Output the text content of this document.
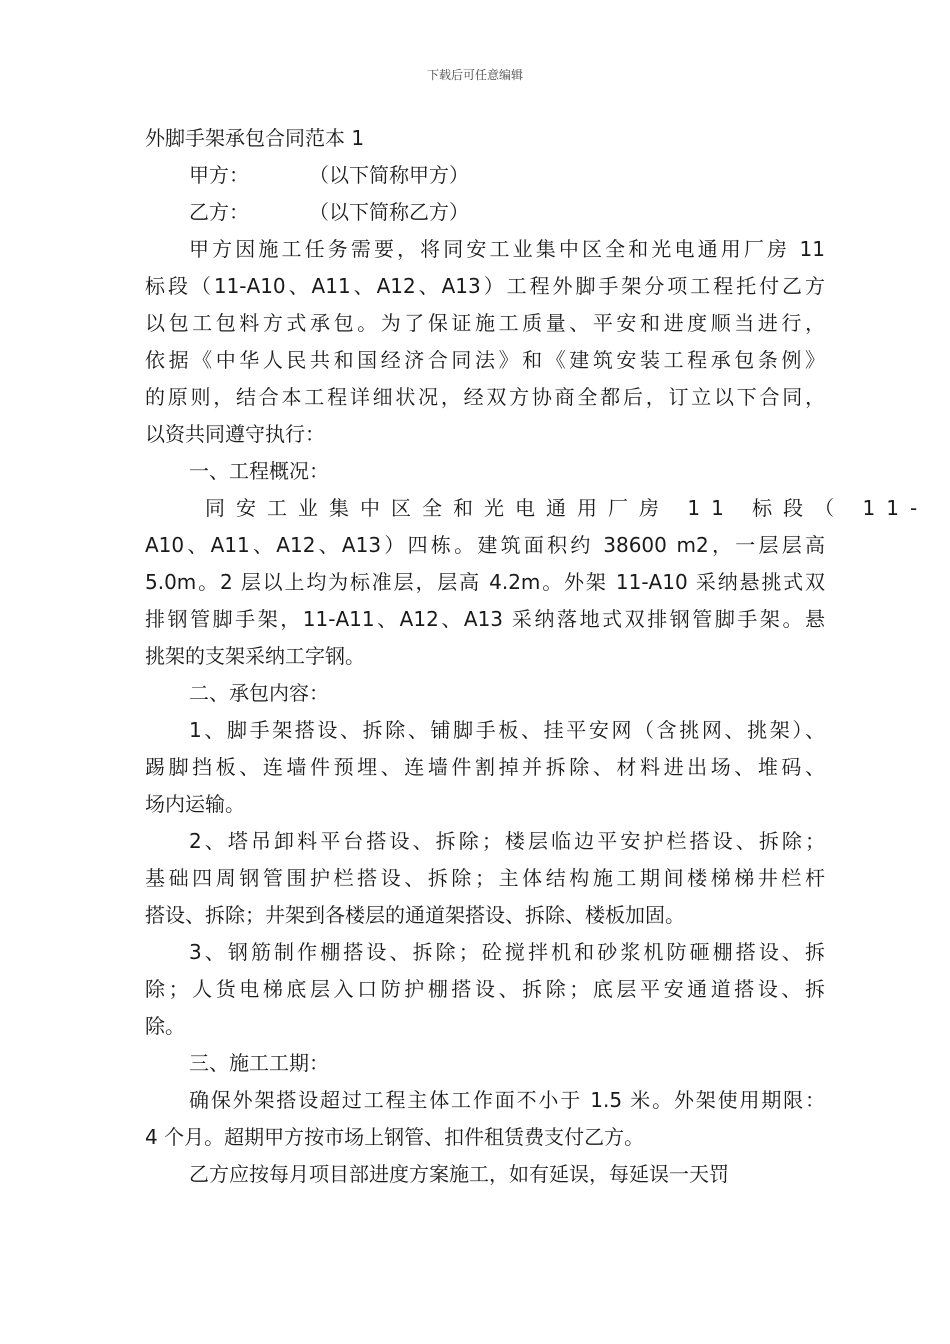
下载后可任意编辑
外脚手架承包合同范本 1
甲方：	（以下简称甲方）
乙方：	（以下简称乙方）
甲方因施工任务需要，将同安工业集中区全和光电通用厂房 11
标段（11-A10、A11、A12、A13）工程外脚手架分项工程托付乙方
以包工包料方式承包。为了保证施工质量、平安和进度顺当进行，
依据《中华人民共和国经济合同法》和《建筑安装工程承包条例》
的原则，结合本工程详细状况，经双方协商全都后，订立以下合同，
以资共同遵守执行：
一、工程概况：
同安工业集中区全和光电通用厂房 11 标段（ 11-
A10、A11、A12、A13）四栋。建筑面积约 38600 m2，一层层高
5.0m。2 层以上均为标准层，层高 4.2m。外架 11-A10 采纳悬挑式双
排钢管脚手架，11-A11、A12、A13 采纳落地式双排钢管脚手架。悬
挑架的支架采纳工字钢。
二、承包内容：
1、脚手架搭设、拆除、铺脚手板、挂平安网（含挑网、挑架）、
踢脚挡板、连墙件预埋、连墙件割掉并拆除、材料进出场、堆码、
场内运输。
2、塔吊卸料平台搭设、拆除；楼层临边平安护栏搭设、拆除；
基础四周钢管围护栏搭设、拆除；主体结构施工期间楼梯梯井栏杆
搭设、拆除；井架到各楼层的通道架搭设、拆除、楼板加固。
3、钢筋制作棚搭设、拆除；砼搅拌机和砂浆机防砸棚搭设、拆
除；人货电梯底层入口防护棚搭设、拆除；底层平安通道搭设、拆
除。
三、施工工期：
确保外架搭设超过工程主体工作面不小于 1.5 米。外架使用期限：
4 个月。超期甲方按市场上钢管、扣件租赁费支付乙方。
乙方应按每月项目部进度方案施工，如有延误，每延误一天罚
